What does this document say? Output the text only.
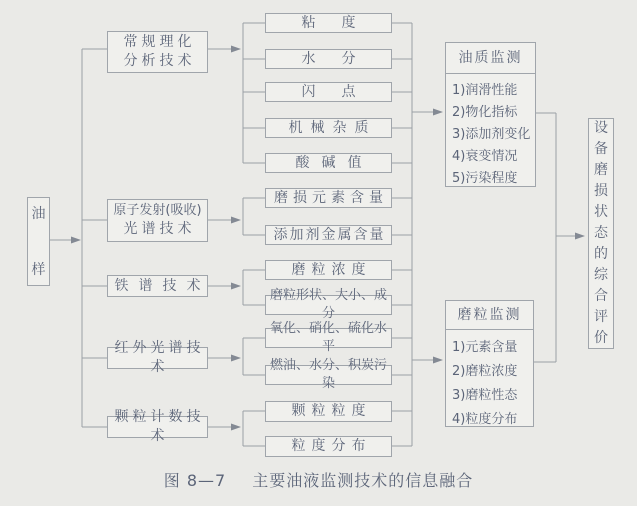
油样
常规理化
分析技术
原子发射(吸收)
光谱技术
铁谱技术
红外光谱技术
颗粒计数技术
粘度
水分
闪点
机械杂质
酸碱值
磨损元素含量
添加剂金属含量
磨粒浓度
磨粒形状、大小、成分
氧化、硝化、硫化水平
燃油、水分、积炭污染
颗粒粒度
粒度分布
油质监测
1)润滑性能
2)物化指标
3)添加剂变化
4)衰变情况
5)污染程度
磨粒监测
1)元素含量
2)磨粒浓度
3)磨粒性态
4)粒度分布
设备磨损状态的综合评价
图 8—7 主要油液监测技术的信息融合
